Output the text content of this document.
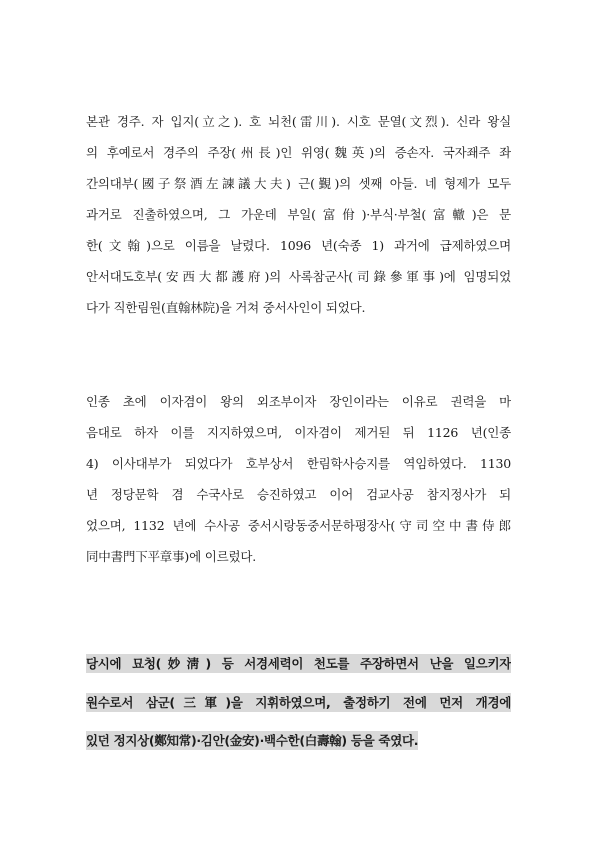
본관 경주. 자 입지(立之). 호 뇌천(雷川). 시호 문열(文烈). 신라 왕실
의 후예로서 경주의 주장(州長)인 위영(魏英)의 증손자. 국자좨주 좌
간의대부(國子祭酒左諫議大夫) 근(覲)의 셋째 아들. 네 형제가 모두
과거로 진출하였으며, 그 가운데 부일(富佾)·부식·부철(富轍)은 문
한(文翰)으로 이름을 날렸다. 1096 년(숙종 1) 과거에 급제하였으며
안서대도호부(安西大都護府)의 사록참군사(司錄參軍事)에 임명되었
다가 직한림원(直翰林院)을 거쳐 중서사인이 되었다.
인종 초에 이자겸이 왕의 외조부이자 장인이라는 이유로 권력을 마
음대로 하자 이를 지지하였으며, 이자겸이 제거된 뒤 1126 년(인종
4) 이사대부가 되었다가 호부상서 한림학사승지를 역임하였다. 1130
년 정당문학 겸 수국사로 승진하였고 이어 검교사공 참지정사가 되
었으며, 1132 년에 수사공 중서시랑동중서문하평장사(守司空中書侍郎
同中書門下平章事)에 이르렀다.
당시에 묘청(妙淸) 등 서경세력이 천도를 주장하면서 난을 일으키자
원수로서 삼군(三軍)을 지휘하였으며, 출정하기 전에 먼저 개경에
있던 정지상(鄭知常)·김안(金安)·백수한(白壽翰) 등을 죽였다.
